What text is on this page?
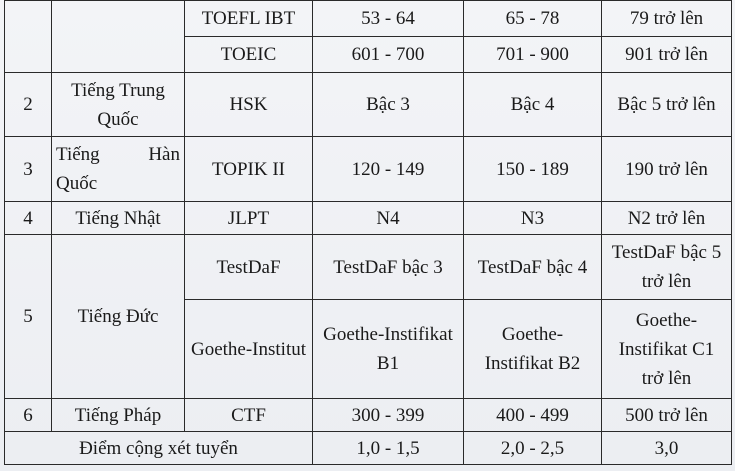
		TOEFL IBT	53 - 64	65 - 78	79 trở lên
		TOEIC	601 - 700	701 - 900	901 trở lên
2	Tiếng Trung Quốc	HSK	Bậc 3	Bậc 4	Bậc 5 trở lên
3	Tiếng Hàn Quốc	TOPIK II	120 - 149	150 - 189	190 trở lên
4	Tiếng Nhật	JLPT	N4	N3	N2 trở lên
5	Tiếng Đức	TestDaF	TestDaF bậc 3	TestDaF bậc 4	TestDaF bậc 5 trở lên
		Goethe-Institut	Goethe-Instifikat B1	Goethe-Instifikat B2	Goethe-Instifikat C1 trở lên
6	Tiếng Pháp	CTF	300 - 399	400 - 499	500 trở lên
Điểm cộng xét tuyển			1,0 - 1,5	2,0 - 2,5	3,0
